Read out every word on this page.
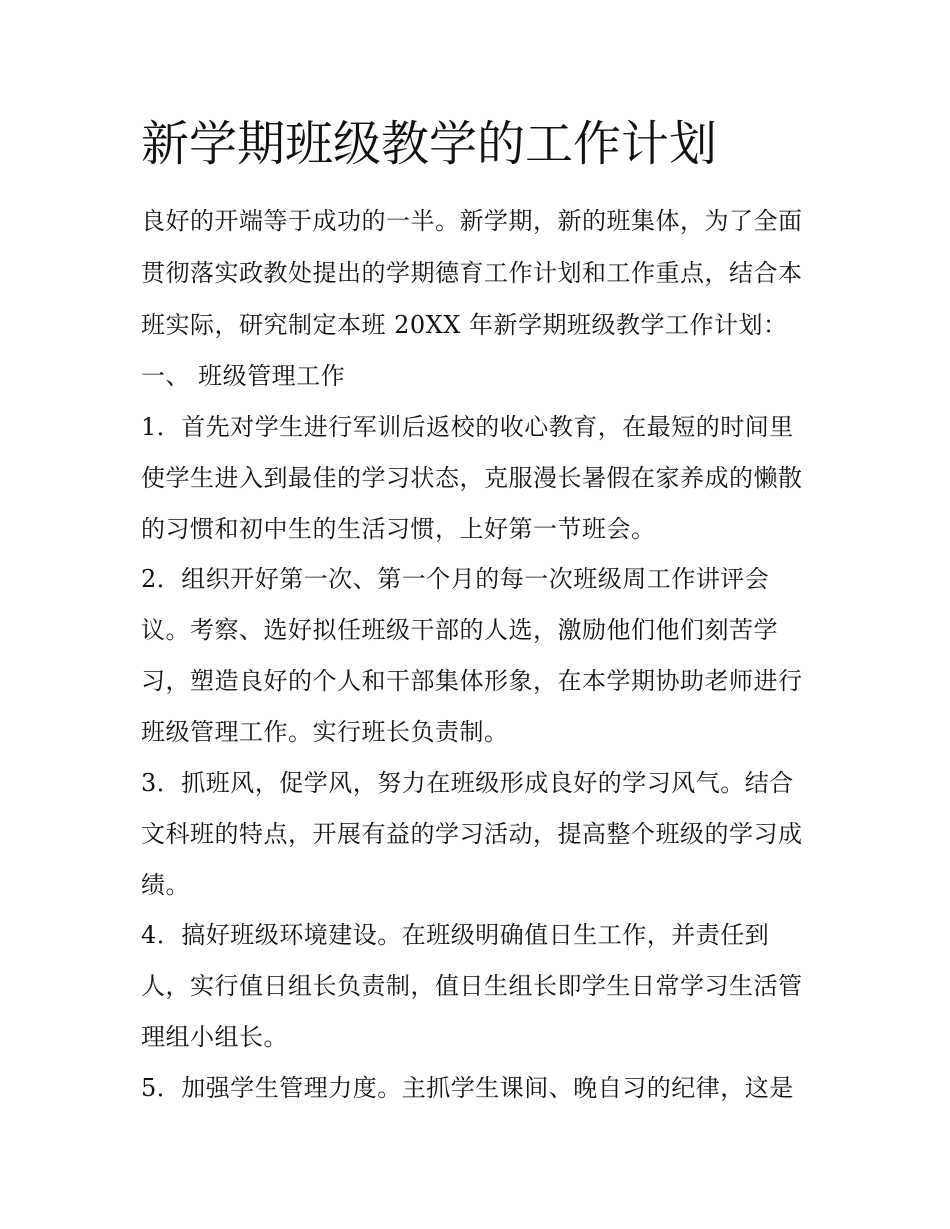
新学期班级教学的工作计划

良好的开端等于成功的一半。新学期，新的班集体，为了全面

贯彻落实政教处提出的学期德育工作计划和工作重点，结合本

班实际，研究制定本班 20XX 年新学期班级教学工作计划：

一、 班级管理工作

1．首先对学生进行军训后返校的收心教育，在最短的时间里

使学生进入到最佳的学习状态，克服漫长暑假在家养成的懒散

的习惯和初中生的生活习惯，上好第一节班会。

2．组织开好第一次、第一个月的每一次班级周工作讲评会

议。考察、选好拟任班级干部的人选，激励他们他们刻苦学

习，塑造良好的个人和干部集体形象，在本学期协助老师进行

班级管理工作。实行班长负责制。

3．抓班风，促学风，努力在班级形成良好的学习风气。结合

文科班的特点，开展有益的学习活动，提高整个班级的学习成

绩。

4．搞好班级环境建设。在班级明确值日生工作，并责任到

人，实行值日组长负责制，值日生组长即学生日常学习生活管

理组小组长。

5．加强学生管理力度。主抓学生课间、晚自习的纪律，这是
